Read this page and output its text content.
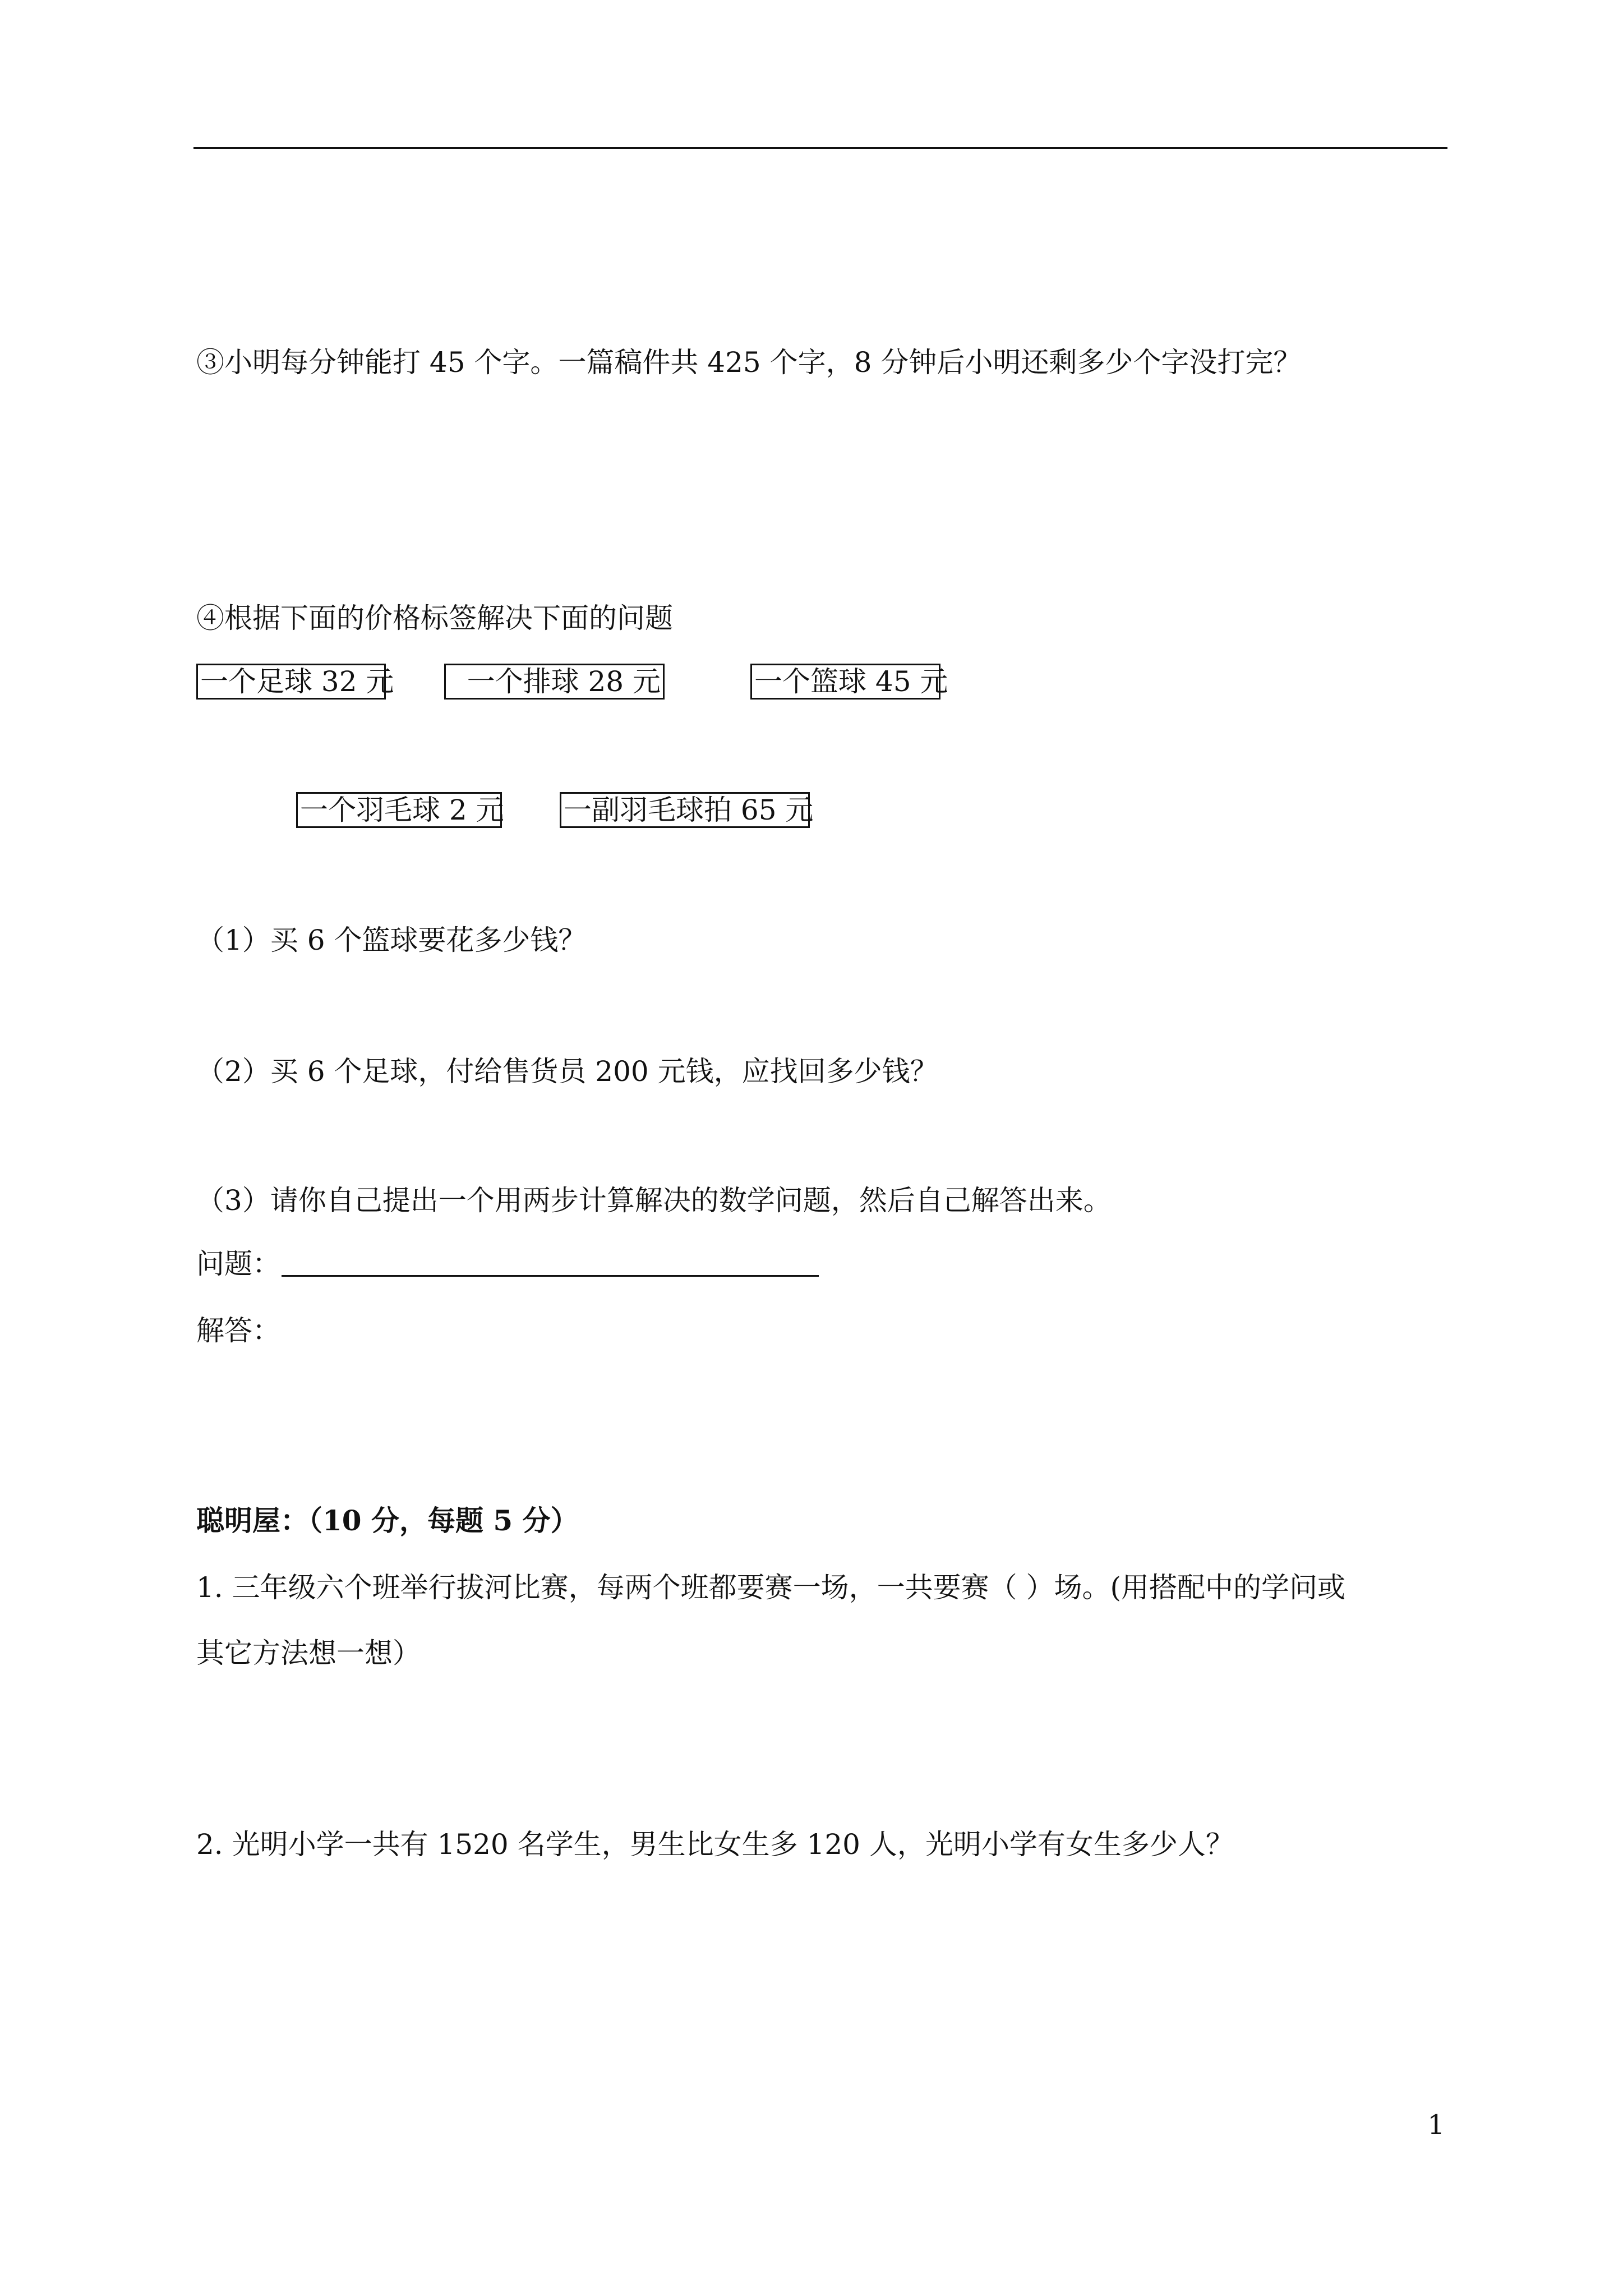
③小明每分钟能打 45 个字。一篇稿件共 425 个字，8 分钟后小明还剩多少个字没打完？
④根据下面的价格标签解决下面的问题
一个足球 32 元	一个排球 28 元	一个篮球 45 元
一个羽毛球 2 元 一副羽毛球拍 65 元
（1）买 6 个篮球要花多少钱？
（2）买 6 个足球，付给售货员 200 元钱，应找回多少钱？
（3）请你自己提出一个用两步计算解决的数学问题，然后自己解答出来。
问题：
解答：
聪明屋：（10 分，每题 5 分）
1. 三年级六个班举行拔河比赛，每两个班都要赛一场，一共要赛（ ）场。(用搭配中的学问或
其它方法想一想）
2. 光明小学一共有 1520 名学生，男生比女生多 120 人，光明小学有女生多少人？
1
